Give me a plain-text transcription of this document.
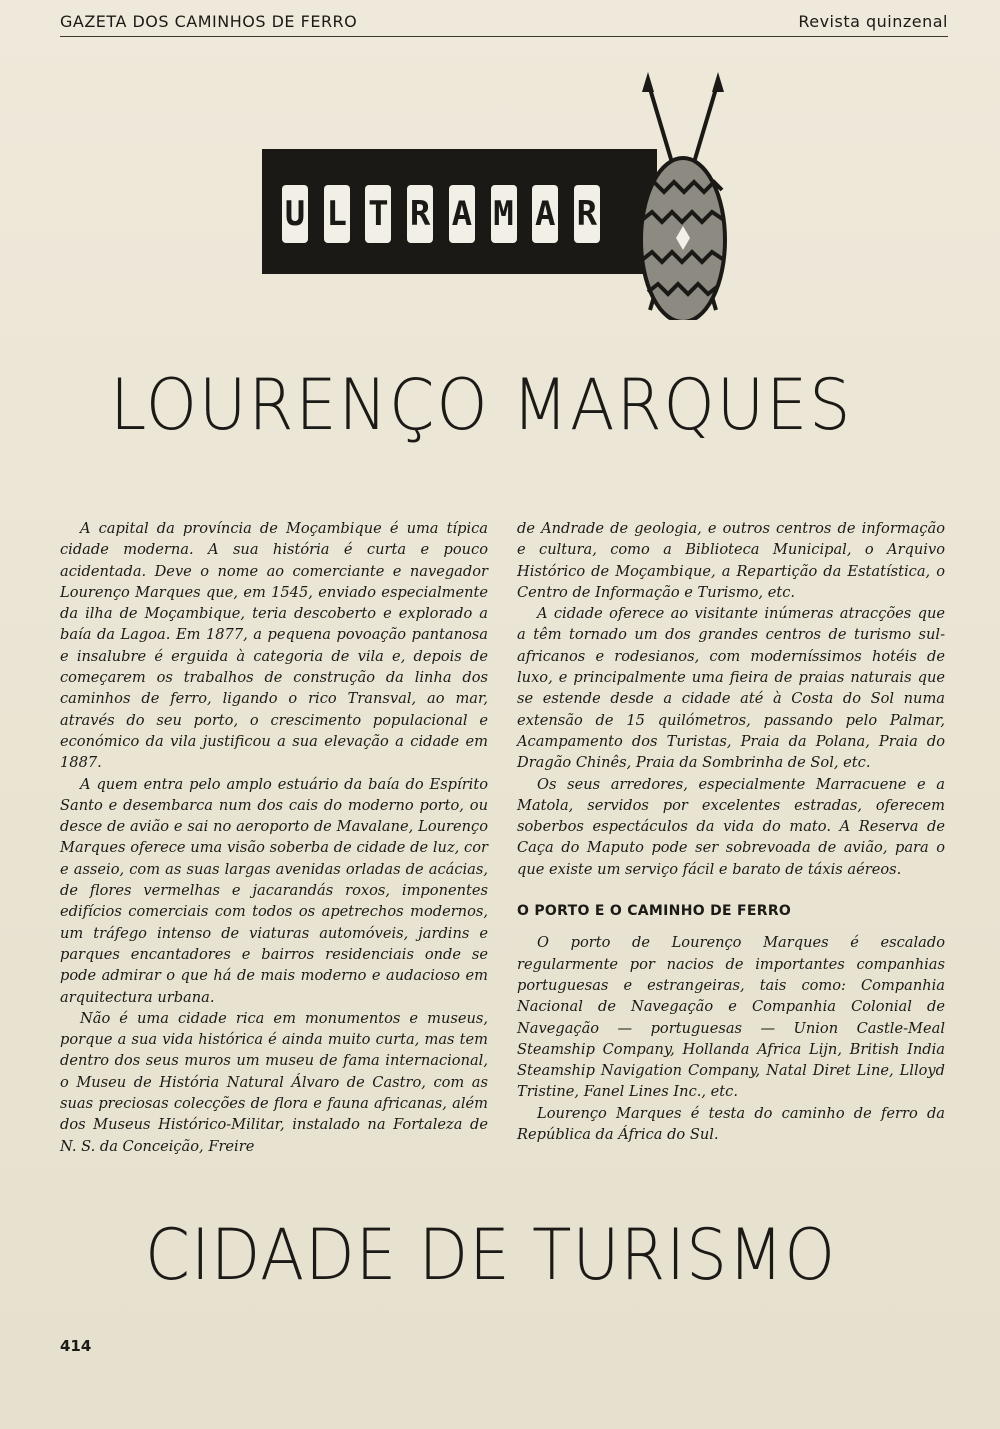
GAZETA DOS CAMINHOS DE FERRO	Revista quinzenal
U L T R A M A R
LOURENÇO MARQUES

A capital da província de Moçambique é uma típica cidade moderna. A sua história é curta e pouco acidentada. Deve o nome ao comerciante e navegador Lourenço Marques que, em 1545, enviado especialmente da ilha de Moçambique, teria descoberto e explorado a baía da Lagoa. Em 1877, a pequena povoação pantanosa e insalubre é erguida à categoria de vila e, depois de começarem os trabalhos de construção da linha dos caminhos de ferro, ligando o rico Transval, ao mar, através do seu porto, o crescimento populacional e económico da vila justificou a sua elevação a cidade em 1887.

A quem entra pelo amplo estuário da baía do Espírito Santo e desembarca num dos cais do moderno porto, ou desce de avião e sai no aeroporto de Mavalane, Lourenço Marques oferece uma visão soberba de cidade de luz, cor e asseio, com as suas largas avenidas orladas de acácias, de flores vermelhas e jacarandás roxos, imponentes edifícios comerciais com todos os apetrechos modernos, um tráfego intenso de viaturas automóveis, jardins e parques encantadores e bairros residenciais onde se pode admirar o que há de mais moderno e audacioso em arquitectura urbana.

Não é uma cidade rica em monumentos e museus, porque a sua vida histórica é ainda muito curta, mas tem dentro dos seus muros um museu de fama internacional, o Museu de História Natural Álvaro de Castro, com as suas preciosas colecções de flora e fauna africanas, além dos Museus Histórico-Militar, instalado na Fortaleza de N. S. da Conceição, Freire

de Andrade de geologia, e outros centros de informação e cultura, como a Biblioteca Municipal, o Arquivo Histórico de Moçambique, a Repartição da Estatística, o Centro de Informação e Turismo, etc.

A cidade oferece ao visitante inúmeras atracções que a têm tornado um dos grandes centros de turismo sul-africanos e rodesianos, com moderníssimos hotéis de luxo, e principalmente uma fieira de praias naturais que se estende desde a cidade até à Costa do Sol numa extensão de 15 quilómetros, passando pelo Palmar, Acampamento dos Turistas, Praia da Polana, Praia do Dragão Chinês, Praia da Sombrinha de Sol, etc.

Os seus arredores, especialmente Marracuene e a Matola, servidos por excelentes estradas, oferecem soberbos espectáculos da vida do mato. A Reserva de Caça do Maputo pode ser sobrevoada de avião, para o que existe um serviço fácil e barato de táxis aéreos.

O PORTO E O CAMINHO DE FERRO

O porto de Lourenço Marques é escalado regularmente por nacios de importantes companhias portuguesas e estrangeiras, tais como: Companhia Nacional de Navegação e Companhia Colonial de Navegação — portuguesas — Union Castle-Meal Steamship Company, Hollanda Africa Lijn, British India Steamship Navigation Company, Natal Diret Line, Llloyd Tristine, Fanel Lines Inc., etc.

Lourenço Marques é testa do caminho de ferro da República da África do Sul.

CIDADE DE TURISMO
414
